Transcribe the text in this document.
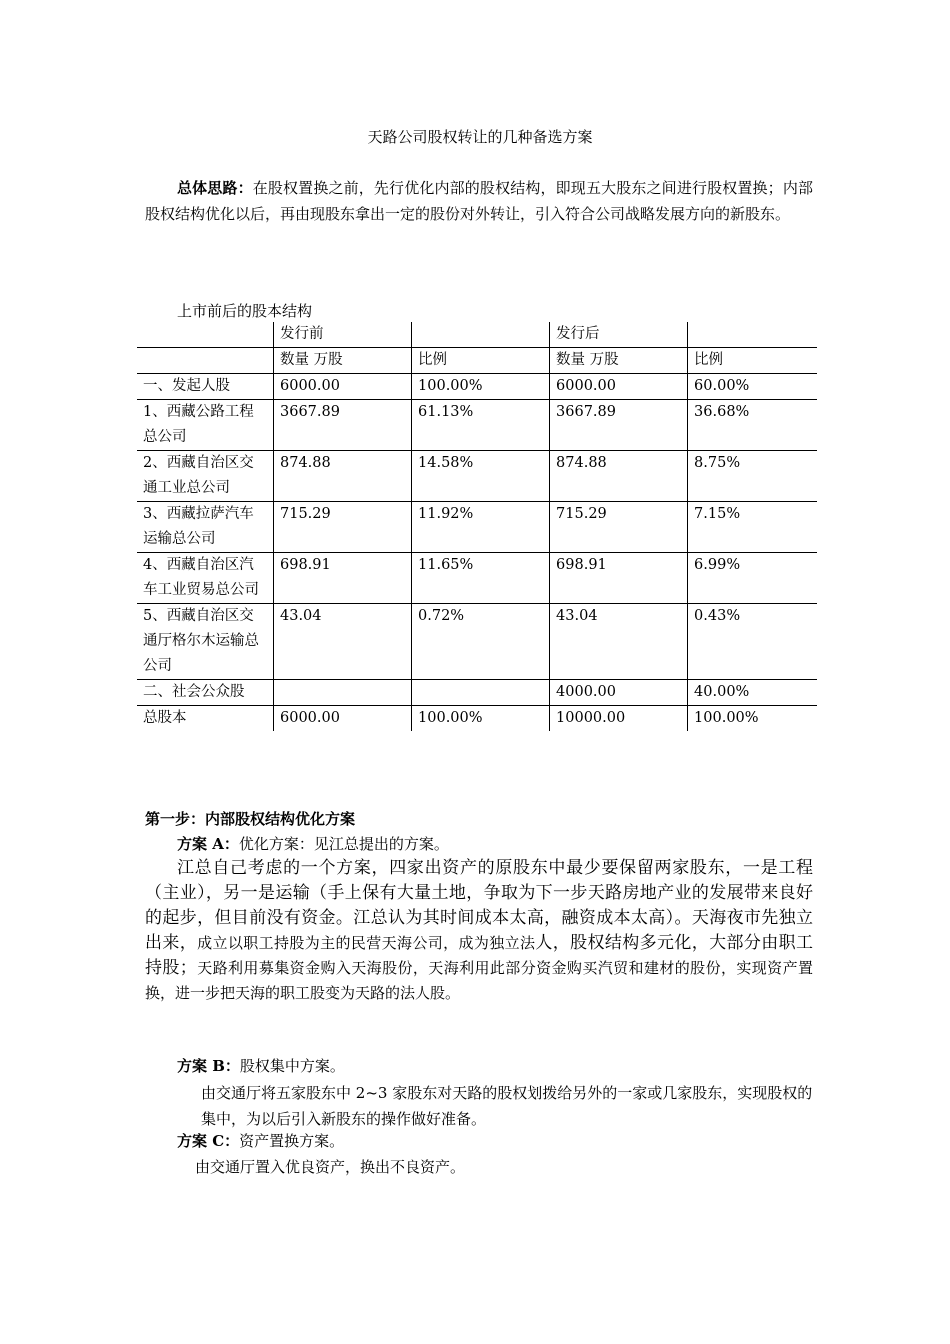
天路公司股权转让的几种备选方案
总体思路：在股权置换之前，先行优化内部的股权结构，即现五大股东之间进行股权置换；内部股权结构优化以后，再由现股东拿出一定的股份对外转让，引入符合公司战略发展方向的新股东。
上市前后的股本结构
	发行前		发行后	
	数量 万股	比例	数量 万股	比例
一、发起人股	6000.00	100.00%	6000.00	60.00%
1、西藏公路工程总公司	3667.89	61.13%	3667.89	36.68%
2、西藏自治区交通工业总公司	874.88	14.58%	874.88	8.75%
3、西藏拉萨汽车运输总公司	715.29	11.92%	715.29	7.15%
4、西藏自治区汽车工业贸易总公司	698.91	11.65%	698.91	6.99%
5、西藏自治区交通厅格尔木运输总公司	43.04	0.72%	43.04	0.43%
二、社会公众股			4000.00	40.00%
总股本	6000.00	100.00%	10000.00	100.00%
第一步：内部股权结构优化方案
方案 A：优化方案：见江总提出的方案。
江总自己考虑的一个方案，四家出资产的原股东中最少要保留两家股东，一是工程（主业），另一是运输（手上保有大量土地，争取为下一步天路房地产业的发展带来良好的起步，但目前没有资金。江总认为其时间成本太高，融资成本太高）。天海夜市先独立出来，成立以职工持股为主的民营天海公司，成为独立法人，股权结构多元化，大部分由职工持股；天路利用募集资金购入天海股份，天海利用此部分资金购买汽贸和建材的股份，实现资产置换，进一步把天海的职工股变为天路的法人股。
方案 B：股权集中方案。
由交通厅将五家股东中 2~3 家股东对天路的股权划拨给另外的一家或几家股东，实现股权的集中，为以后引入新股东的操作做好准备。
方案 C：资产置换方案。
由交通厅置入优良资产，换出不良资产。
